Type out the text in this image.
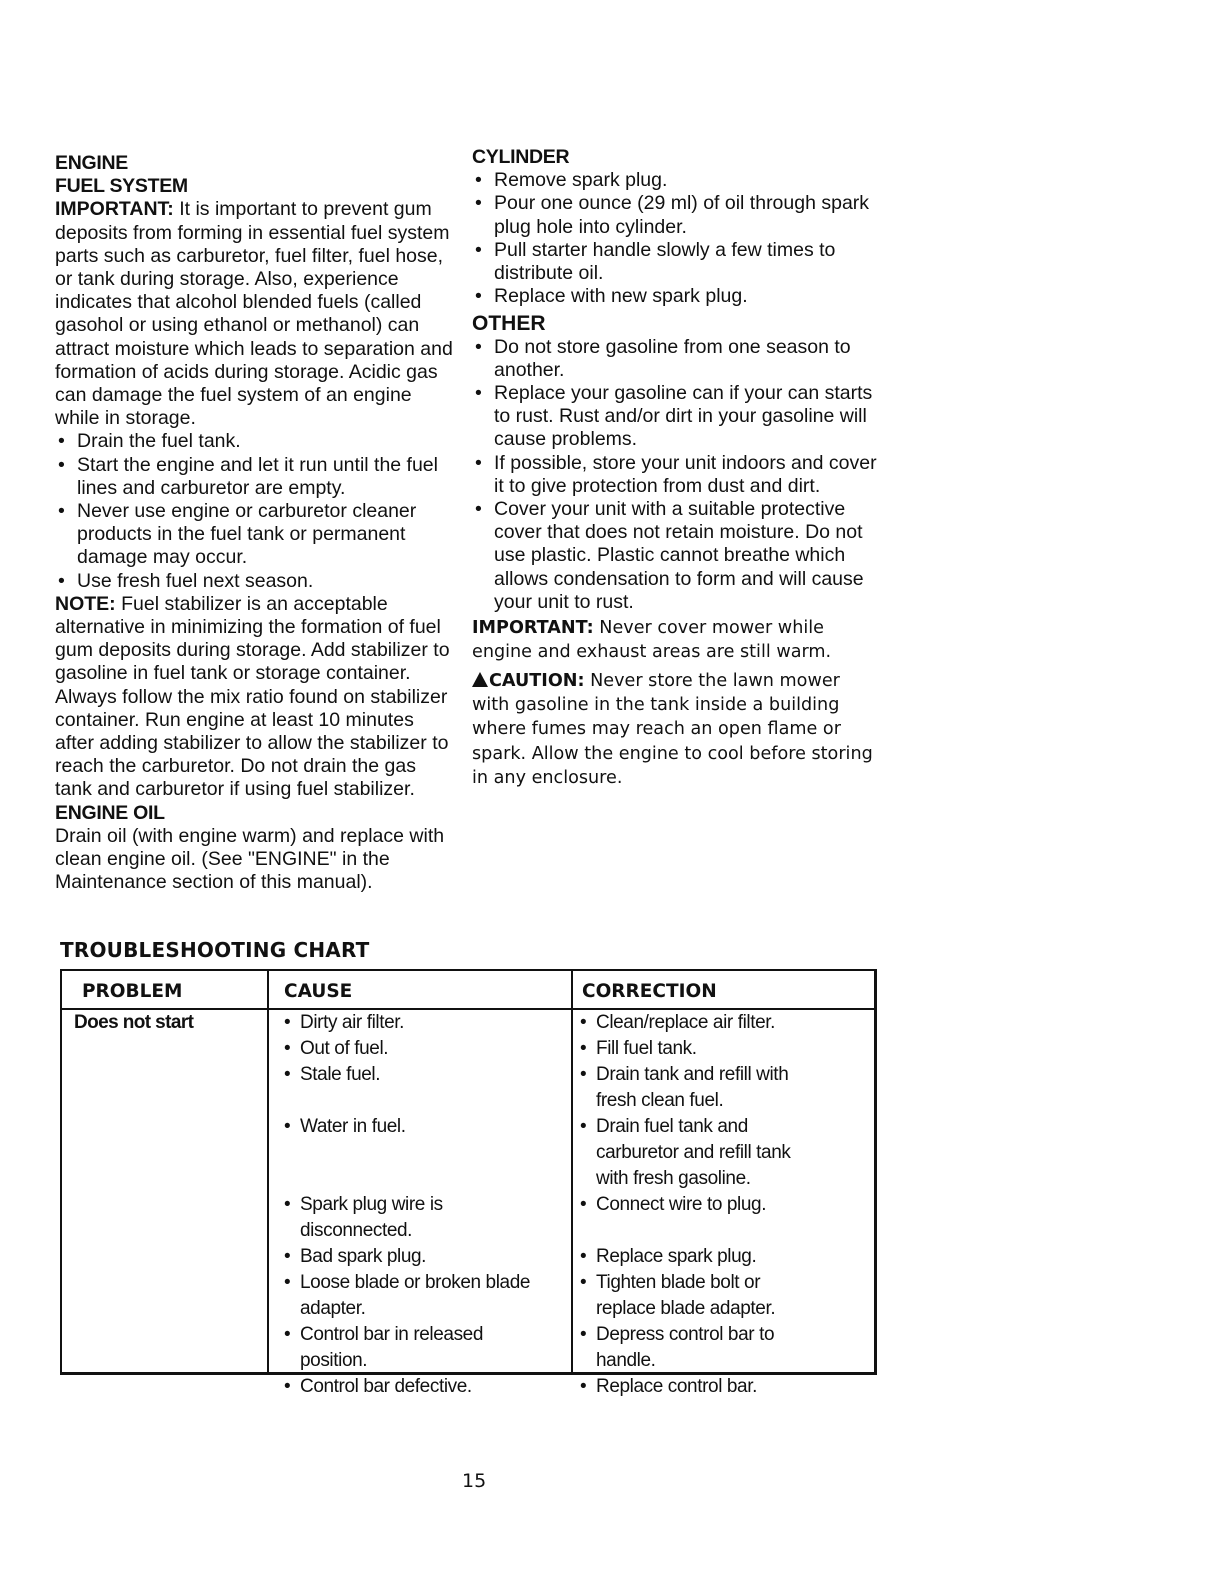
ENGINE
FUEL SYSTEM

IMPORTANT: It is important to prevent gum deposits from forming in essential fuel system parts such as carburetor, fuel filter, fuel hose, or tank during storage. Also, experience indicates that alcohol blended fuels (called gasohol or using ethanol or methanol) can attract moisture which leads to separation and formation of acids during storage. Acidic gas can damage the fuel system of an engine while in storage.

• Drain the fuel tank.
• Start the engine and let it run until the fuel lines and carburetor are empty.
• Never use engine or carburetor cleaner products in the fuel tank or permanent damage may occur.
• Use fresh fuel next season.

NOTE: Fuel stabilizer is an acceptable alternative in minimizing the formation of fuel gum deposits during storage. Add stabilizer to gasoline in fuel tank or storage container. Always follow the mix ratio found on stabilizer container. Run engine at least 10 minutes after adding stabilizer to allow the stabilizer to reach the carburetor. Do not drain the gas tank and carburetor if using fuel stabilizer.

ENGINE OIL

Drain oil (with engine warm) and replace with clean engine oil. (See "ENGINE" in the Maintenance section of this manual).

CYLINDER
• Remove spark plug.
• Pour one ounce (29 ml) of oil through spark plug hole into cylinder.
• Pull starter handle slowly a few times to distribute oil.
• Replace with new spark plug.
OTHER
• Do not store gasoline from one season to another.
• Replace your gasoline can if your can starts to rust. Rust and/or dirt in your gasoline will cause problems.
• If possible, store your unit indoors and cover it to give protection from dust and dirt.
• Cover your unit with a suitable protective cover that does not retain moisture. Do not use plastic. Plastic cannot breathe which allows condensation to form and will cause your unit to rust.

IMPORTANT: Never cover mower while engine and exhaust areas are still warm.

CAUTION: Never store the lawn mower with gasoline in the tank inside a building where fumes may reach an open flame or spark. Allow the engine to cool before storing in any enclosure.

TROUBLESHOOTING CHART
PROBLEM	CAUSE	CORRECTION
Does not start
•	Dirty air filter.
• Out of fuel.
• Stale fuel.
• Water in fuel.
• Spark plug wire is disconnected.
• Bad spark plug.
• Loose blade or broken blade adapter.
• Control bar in released position.
• Control bar defective.
• Clean/replace air filter.
• Fill fuel tank.
• Drain tank and refill with fresh clean fuel.
• Drain fuel tank and carburetor and refill tank with fresh gasoline.
• Connect wire to plug.
• Replace spark plug.
• Tighten blade bolt or replace blade adapter.
• Depress control bar to handle.
• Replace control bar.
15
